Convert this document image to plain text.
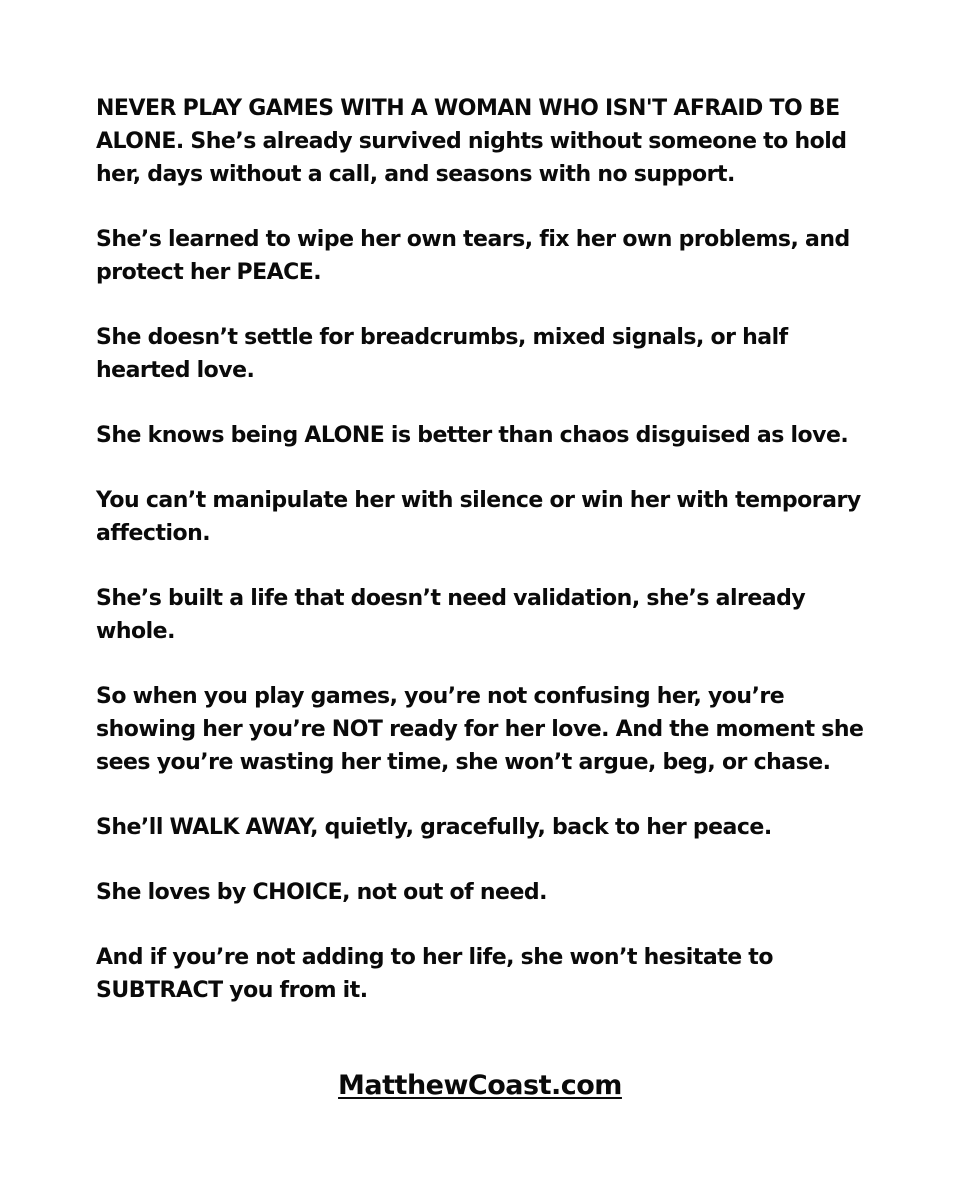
NEVER PLAY GAMES WITH A WOMAN WHO ISN'T AFRAID TO BE ALONE. She’s already survived nights without someone to hold her, days without a call, and seasons with no support.

She’s learned to wipe her own tears, fix her own problems, and protect her PEACE.

She doesn’t settle for breadcrumbs, mixed signals, or half hearted love.

She knows being ALONE is better than chaos disguised as love.

You can’t manipulate her with silence or win her with temporary affection.

She’s built a life that doesn’t need validation, she’s already whole.

So when you play games, you’re not confusing her, you’re showing her you’re NOT ready for her love. And the moment she sees you’re wasting her time, she won’t argue, beg, or chase.

She’ll WALK AWAY, quietly, gracefully, back to her peace.

She loves by CHOICE, not out of need.

And if you’re not adding to her life, she won’t hesitate to SUBTRACT you from it.

MatthewCoast.com
